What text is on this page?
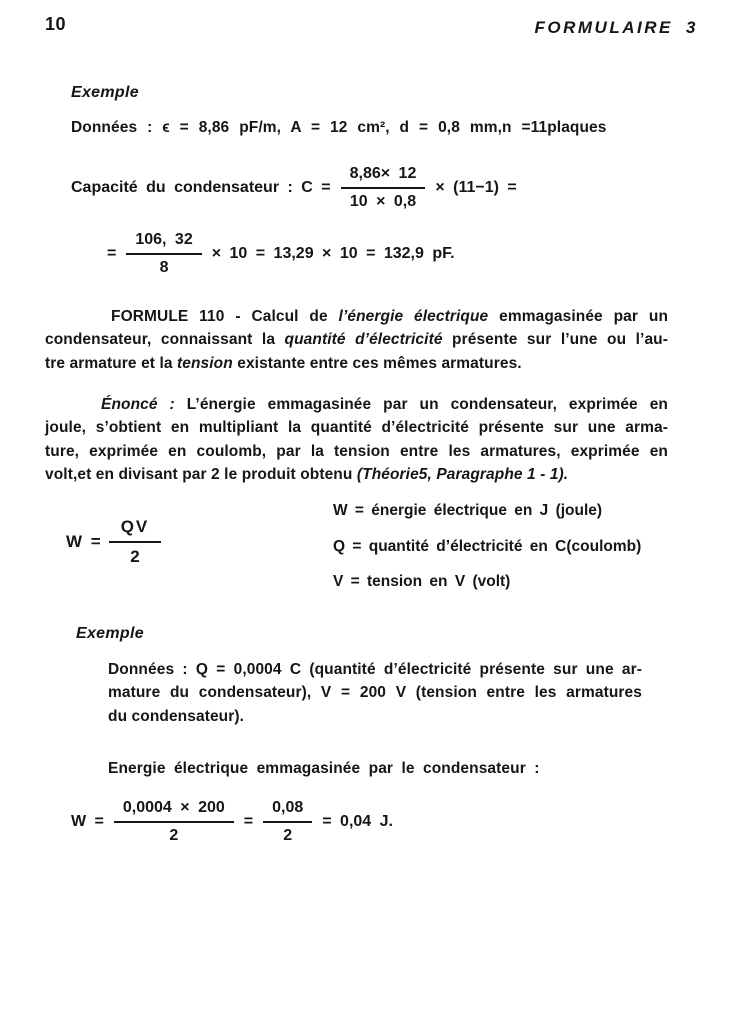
10	FORMULAIRE 3
Exemple
Données : ϵ = 8,86 pF/m, A = 12 cm², d = 0,8 mm,n =11plaques
Capacité du condensateur : $C = \frac{8,86\times 12}{10 \times 0,8} \times (11-1)$ =
= $\frac{106, 32}{8} \times 10 = 13,29 \times 10 = 132,9$ pF.
FORMULE 110 - Calcul de l’énergie électrique emmagasinée par un
condensateur, connaissant la quantité d’électricité présente sur l’une ou l’au-
tre armature et la tension existante entre ces mêmes armatures.
Énoncé : L’énergie emmagasinée par un condensateur, exprimée en
joule, s’obtient en multipliant la quantité d’électricité présente sur une arma-
ture, exprimée en coulomb, par la tension entre les armatures, exprimée en
volt,et en divisant par 2 le produit obtenu (Théorie5, Paragraphe 1 - 1).
$W = \frac{QV}{2}$
W = énergie électrique en J (joule)
Q = quantité d’électricité en C(coulomb)
V = tension en V (volt)
Exemple
Données : Q = 0,0004 C (quantité d’électricité présente sur une ar-
mature du condensateur), V = 200 V (tension entre les armatures
du condensateur).
Energie électrique emmagasinée par le condensateur :
$W = \frac{0,0004 \times 200}{2} = \frac{0,08}{2} = 0,04$ J.
